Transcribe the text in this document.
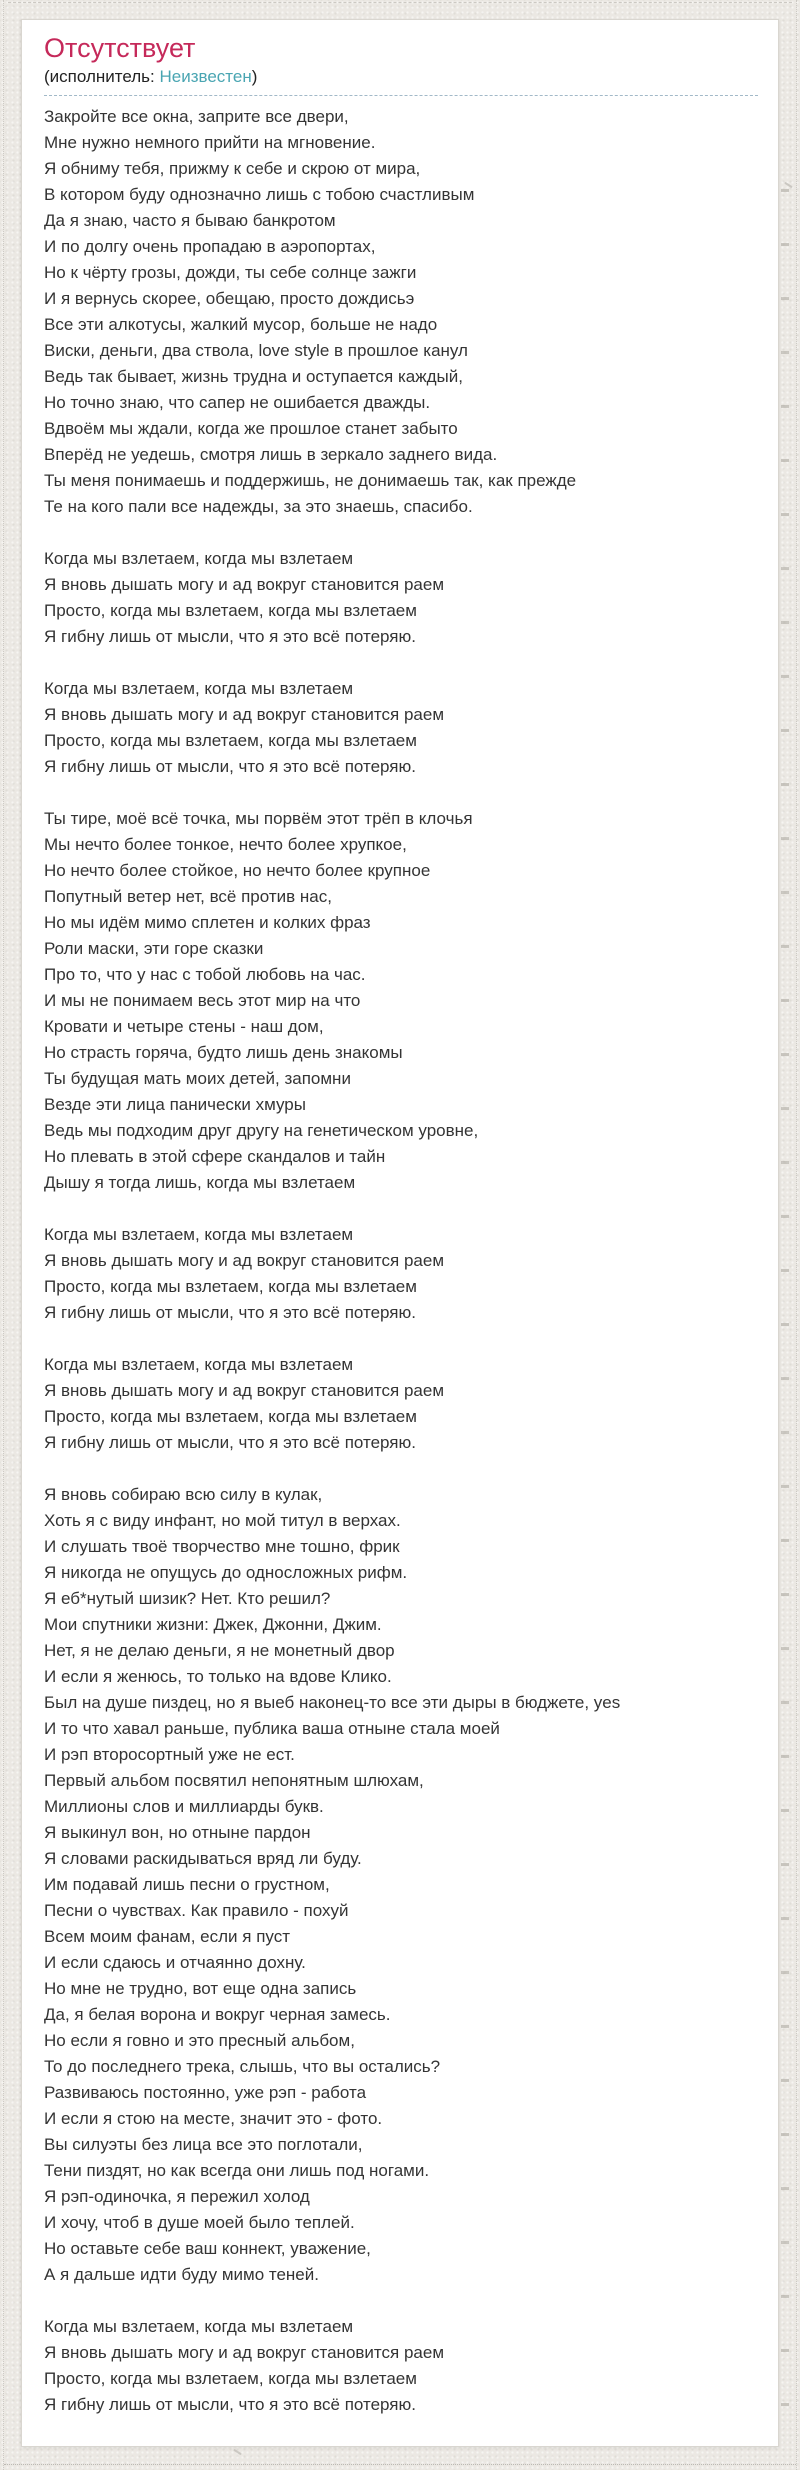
Отсутствует
(исполнитель: Неизвестен)
Закройте все окна, заприте все двери,
Мне нужно немного прийти на мгновение.
Я обниму тебя, прижму к себе и скрою от мира,
В котором буду однозначно лишь с тобою счастливым
Да я знаю, часто я бываю банкротом
И по долгу очень пропадаю в аэропортах,
Но к чёрту грозы, дожди, ты себе солнце зажги
И я вернусь скорее, обещаю, просто дождисьэ
Все эти алкотусы, жалкий мусор, больше не надо
Виски, деньги, два ствола, love style в прошлое канул
Ведь так бывает, жизнь трудна и оступается каждый,
Но точно знаю, что сапер не ошибается дважды.
Вдвоём мы ждали, когда же прошлое станет забыто
Вперёд не уедешь, смотря лишь в зеркало заднего вида.
Ты меня понимаешь и поддержишь, не донимаешь так, как прежде
Те на кого пали все надежды, за это знаешь, спасибо.
Когда мы взлетаем, когда мы взлетаем
Я вновь дышать могу и ад вокруг становится раем
Просто, когда мы взлетаем, когда мы взлетаем
Я гибну лишь от мысли, что я это всё потеряю.
Когда мы взлетаем, когда мы взлетаем
Я вновь дышать могу и ад вокруг становится раем
Просто, когда мы взлетаем, когда мы взлетаем
Я гибну лишь от мысли, что я это всё потеряю.
Ты тире, моё всё точка, мы порвём этот трёп в клочья
Мы нечто более тонкое, нечто более хрупкое,
Но нечто более стойкое, но нечто более крупное
Попутный ветер нет, всё против нас,
Но мы идём мимо сплетен и колких фраз
Роли маски, эти горе сказки
Про то, что у нас с тобой любовь на час.
И мы не понимаем весь этот мир на что
Кровати и четыре стены - наш дом,
Но страсть горяча, будто лишь день знакомы
Ты будущая мать моих детей, запомни
Везде эти лица панически хмуры
Ведь мы подходим друг другу на генетическом уровне,
Но плевать в этой сфере скандалов и тайн
Дышу я тогда лишь, когда мы взлетаем
Когда мы взлетаем, когда мы взлетаем
Я вновь дышать могу и ад вокруг становится раем
Просто, когда мы взлетаем, когда мы взлетаем
Я гибну лишь от мысли, что я это всё потеряю.
Когда мы взлетаем, когда мы взлетаем
Я вновь дышать могу и ад вокруг становится раем
Просто, когда мы взлетаем, когда мы взлетаем
Я гибну лишь от мысли, что я это всё потеряю.
Я вновь собираю всю силу в кулак,
Хоть я с виду инфант, но мой титул в верхах.
И слушать твоё творчество мне тошно, фрик
Я никогда не опущусь до односложных рифм.
Я еб*нутый шизик? Нет. Кто решил?
Мои спутники жизни: Джек, Джонни, Джим.
Нет, я не делаю деньги, я не монетный двор
И если я женюсь, то только на вдове Клико.
Был на душе пиздец, но я выеб наконец-то все эти дыры в бюджете, yes
И то что хавал раньше, публика ваша отныне стала моей
И рэп второсортный уже не ест.
Первый альбом посвятил непонятным шлюхам,
Миллионы слов и миллиарды букв.
Я выкинул вон, но отныне пардон
Я словами раскидываться вряд ли буду.
Им подавай лишь песни о грустном,
Песни о чувствах. Как правило - похуй
Всем моим фанам, если я пуст
И если сдаюсь и отчаянно дохну.
Но мне не трудно, вот еще одна запись
Да, я белая ворона и вокруг черная замесь.
Но если я говно и это пресный альбом,
То до последнего трека, слышь, что вы остались?
Развиваюсь постоянно, уже рэп - работа
И если я стою на месте, значит это - фото.
Вы силуэты без лица все это поглотали,
Тени пиздят, но как всегда они лишь под ногами.
Я рэп-одиночка, я пережил холод
И хочу, чтоб в душе моей было теплей.
Но оставьте себе ваш коннект, уважение,
А я дальше идти буду мимо теней.
Когда мы взлетаем, когда мы взлетаем
Я вновь дышать могу и ад вокруг становится раем
Просто, когда мы взлетаем, когда мы взлетаем
Я гибну лишь от мысли, что я это всё потеряю.
